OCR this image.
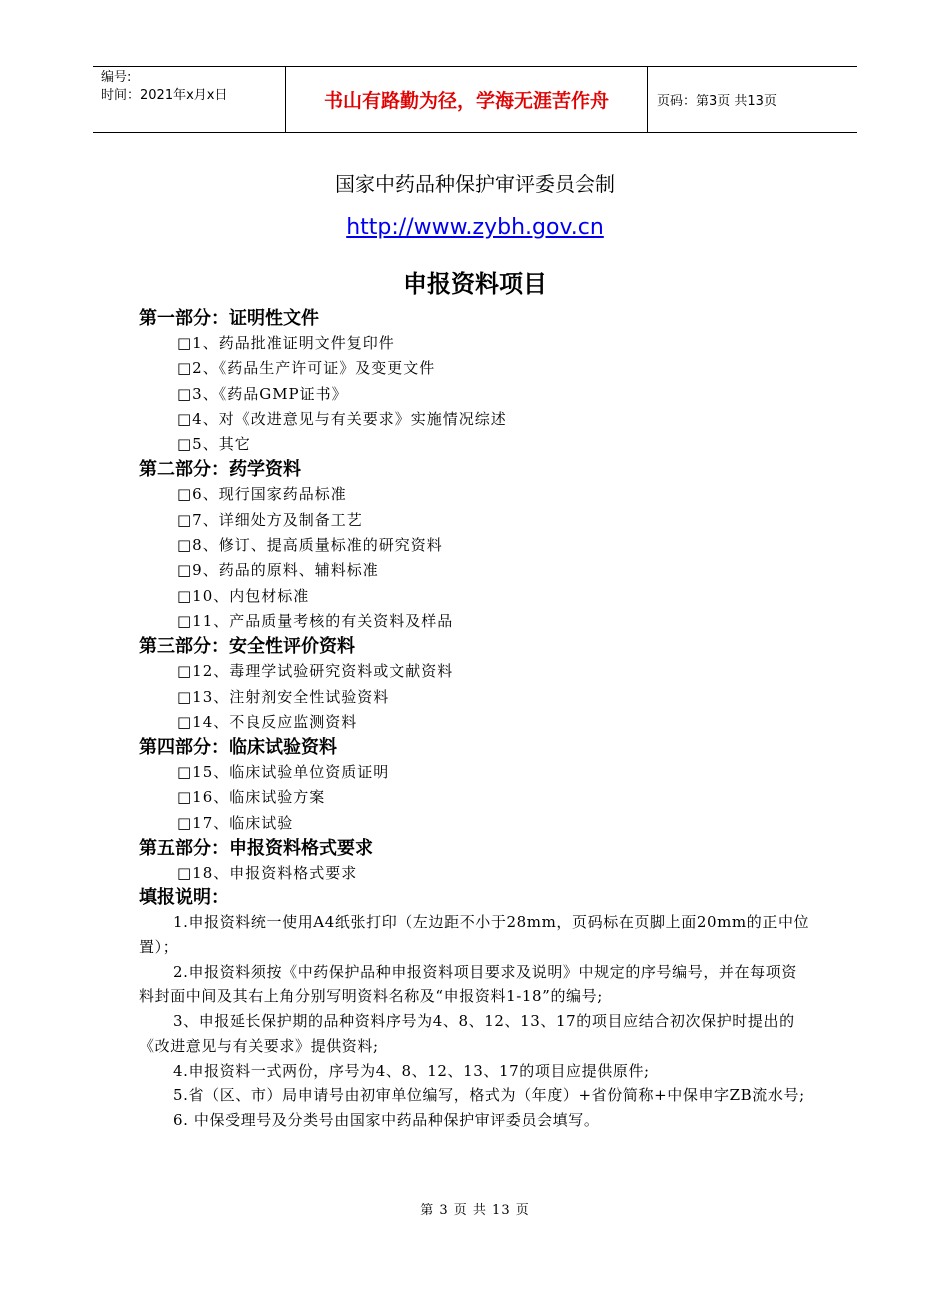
编号:
时间：2021年x月x日	书山有路勤为径，学海无涯苦作舟	页码：第3页 共13页
国家中药品种保护审评委员会制
http://www.zybh.gov.cn
申报资料项目

第一部分：证明性文件

□1、药品批准证明文件复印件

□2、《药品生产许可证》及变更文件

□3、《药品GMP证书》

□4、对《改进意见与有关要求》实施情况综述

□5、其它

第二部分：药学资料

□6、现行国家药品标准

□7、详细处方及制备工艺

□8、修订、提高质量标准的研究资料

□9、药品的原料、辅料标准

□10、内包材标准

□11、产品质量考核的有关资料及样品

第三部分：安全性评价资料

□12、毒理学试验研究资料或文献资料

□13、注射剂安全性试验资料

□14、不良反应监测资料

第四部分：临床试验资料

□15、临床试验单位资质证明

□16、临床试验方案

□17、临床试验

第五部分：申报资料格式要求

□18、申报资料格式要求

填报说明：

1.申报资料统一使用A4纸张打印（左边距不小于28mm，页码标在页脚上面20mm的正中位置）；

2.申报资料须按《中药保护品种申报资料项目要求及说明》中规定的序号编号，并在每项资料封面中间及其右上角分别写明资料名称及“申报资料1-18”的编号;

3、申报延长保护期的品种资料序号为4、8、12、13、17的项目应结合初次保护时提出的《改进意见与有关要求》提供资料;

4.申报资料一式两份，序号为4、8、12、13、17的项目应提供原件;

5.省（区、市）局申请号由初审单位编写，格式为（年度）+省份简称+中保申字ZB流水号;

6. 中保受理号及分类号由国家中药品种保护审评委员会填写。

第 3 页 共 13 页
